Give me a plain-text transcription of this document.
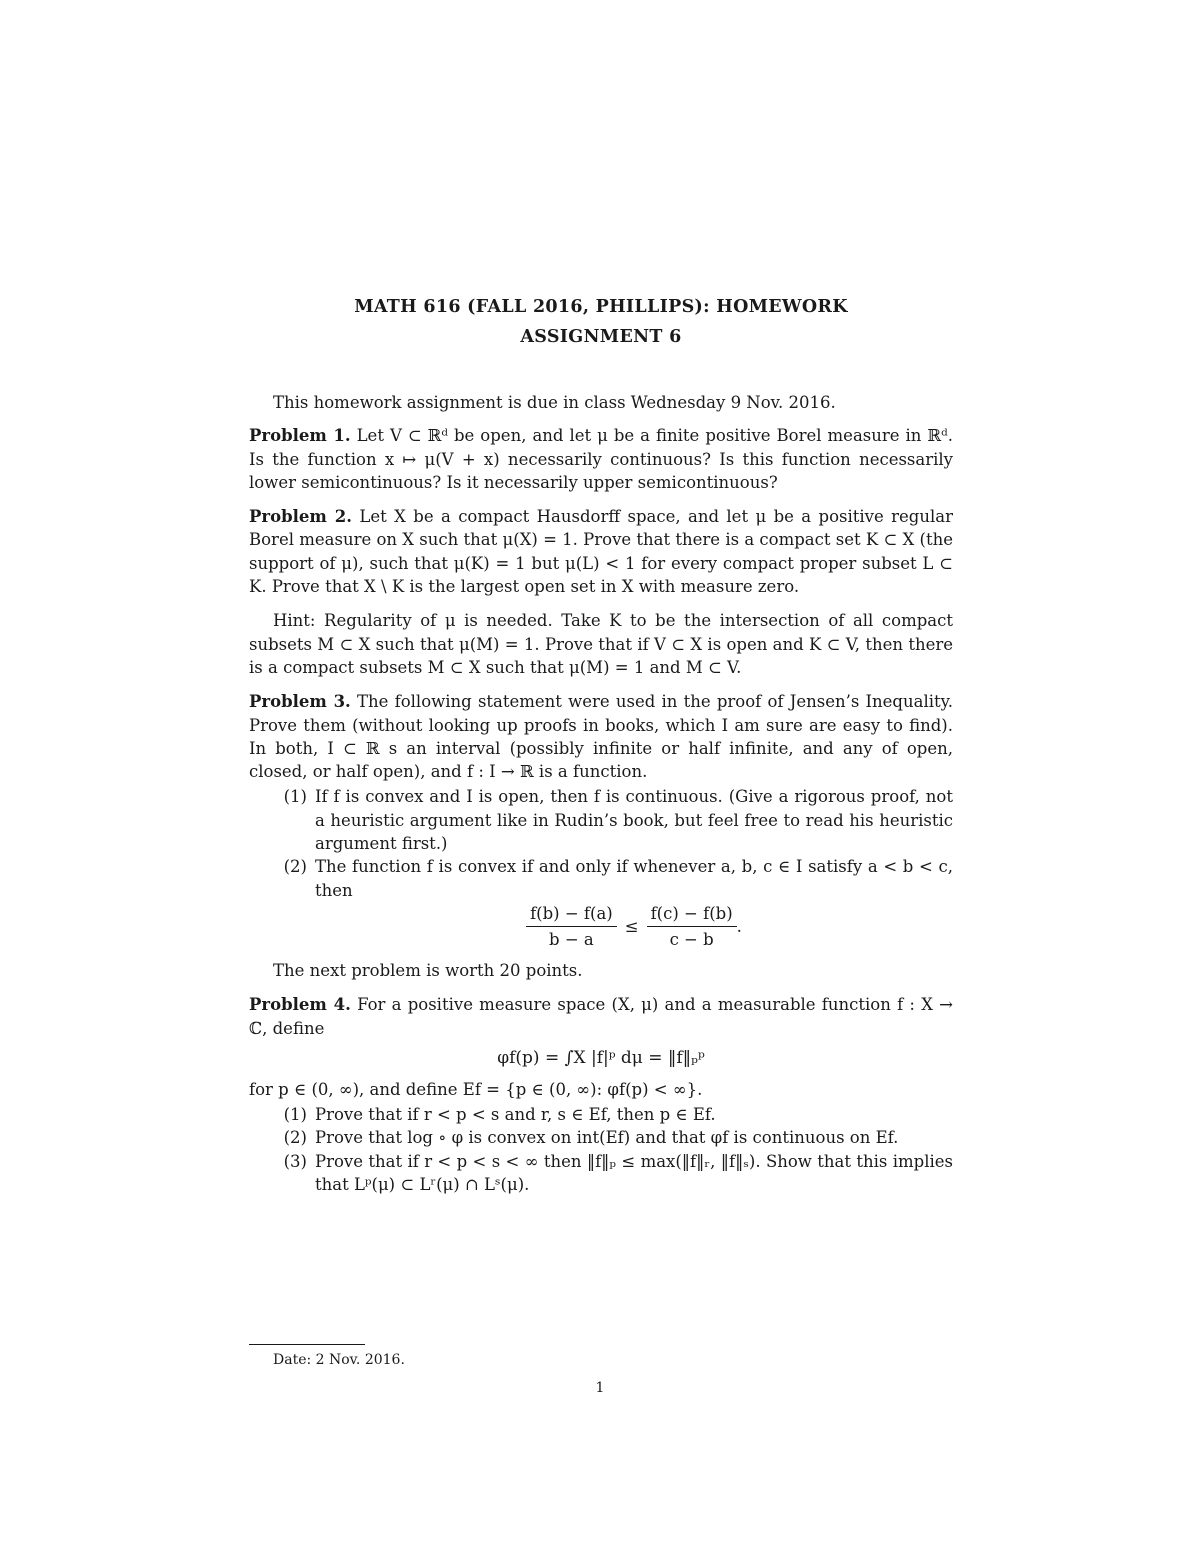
MATH 616 (FALL 2016, PHILLIPS): HOMEWORK
ASSIGNMENT 6

This homework assignment is due in class Wednesday 9 Nov. 2016.

Problem 1. Let V ⊂ ℝᵈ be open, and let μ be a finite positive Borel measure in ℝᵈ. Is the function x ↦ μ(V + x) necessarily continuous? Is this function necessarily lower semicontinuous? Is it necessarily upper semicontinuous?

Problem 2. Let X be a compact Hausdorff space, and let μ be a positive regular Borel measure on X such that μ(X) = 1. Prove that there is a compact set K ⊂ X (the support of μ), such that μ(K) = 1 but μ(L) < 1 for every compact proper subset L ⊂ K. Prove that X \ K is the largest open set in X with measure zero.

Hint: Regularity of μ is needed. Take K to be the intersection of all compact subsets M ⊂ X such that μ(M) = 1. Prove that if V ⊂ X is open and K ⊂ V, then there is a compact subsets M ⊂ X such that μ(M) = 1 and M ⊂ V.

Problem 3. The following statement were used in the proof of Jensen’s Inequality. Prove them (without looking up proofs in books, which I am sure are easy to find). In both, I ⊂ ℝ s an interval (possibly infinite or half infinite, and any of open, closed, or half open), and f : I → ℝ is a function.

(1) If f is convex and I is open, then f is continuous. (Give a rigorous proof, not a heuristic argument like in Rudin’s book, but feel free to read his heuristic argument first.)
(2) The function f is convex if and only if whenever a, b, c ∈ I satisfy a < b < c, then
$\frac{f(b) - f(a)}{b - a} \le \frac{f(c) - f(b)}{c - b}$ .

The next problem is worth 20 points.

Problem 4. For a positive measure space (X, μ) and a measurable function f : X → ℂ, define

φf(p) = ∫X |f|ᵖ dμ = ‖f‖ₚᵖ

for p ∈ (0, ∞), and define Ef = {p ∈ (0, ∞): φf(p) < ∞}.

(1) Prove that if r < p < s and r, s ∈ Ef, then p ∈ Ef.
(2) Prove that log ∘ φ is convex on int(Ef) and that φf is continuous on Ef.
(3) Prove that if r < p < s < ∞ then ‖f‖ₚ ≤ max(‖f‖ᵣ, ‖f‖ₛ). Show that this implies that Lᵖ(μ) ⊂ Lʳ(μ) ∩ Lˢ(μ).
Date: 2 Nov. 2016.
1
